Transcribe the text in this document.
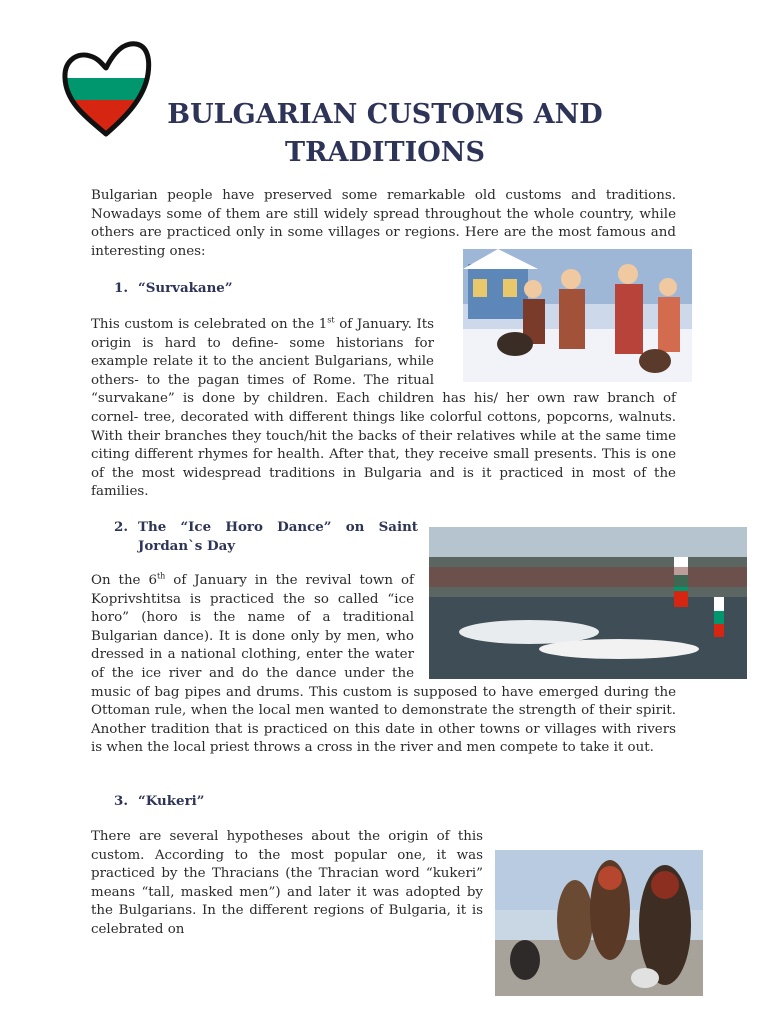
BULGARIAN CUSTOMS AND
TRADITIONS

Bulgarian people have preserved some remarkable old customs and traditions. Nowadays some of them are still widely spread throughout the whole country, while others are practiced only in some villages or regions. Here are the most famous and interesting ones:

1. “Survakane”

This custom is celebrated on the 1st of January. Its origin is hard to define- some historians for example relate it to the ancient Bulgarians, while others- to the pagan times of Rome. The ritual “survakane” is done by children. Each children has his/ her own raw branch of cornel- tree, decorated with different things like colorful cottons, popcorns, walnuts. With their branches they touch/hit the backs of their relatives while at the same time citing different rhymes for health. After that, they receive small presents. This is one of the most widespread traditions in Bulgaria and is it practiced in most of the families.

2. The “Ice Horo Dance” on Saint Jordan`s Day

On the 6th of January in the revival town of Koprivshtitsa is practiced the so called “ice horo” (horo is the name of a traditional Bulgarian dance). It is done only by men, who dressed in a national clothing, enter the water of the ice river and do the dance under the music of bag pipes and drums. This custom is supposed to have emerged during the Ottoman rule, when the local men wanted to demonstrate the strength of their spirit. Another tradition that is practiced on this date in other towns or villages with rivers is when the local priest throws a cross in the river and men compete to take it out.

3. “Kukeri”

There are several hypotheses about the origin of this custom. According to the most popular one, it was practiced by the Thracians (the Thracian word “kukeri” means “tall, masked men”) and later it was adopted by the Bulgarians. In the different regions of Bulgaria, it is celebrated on
